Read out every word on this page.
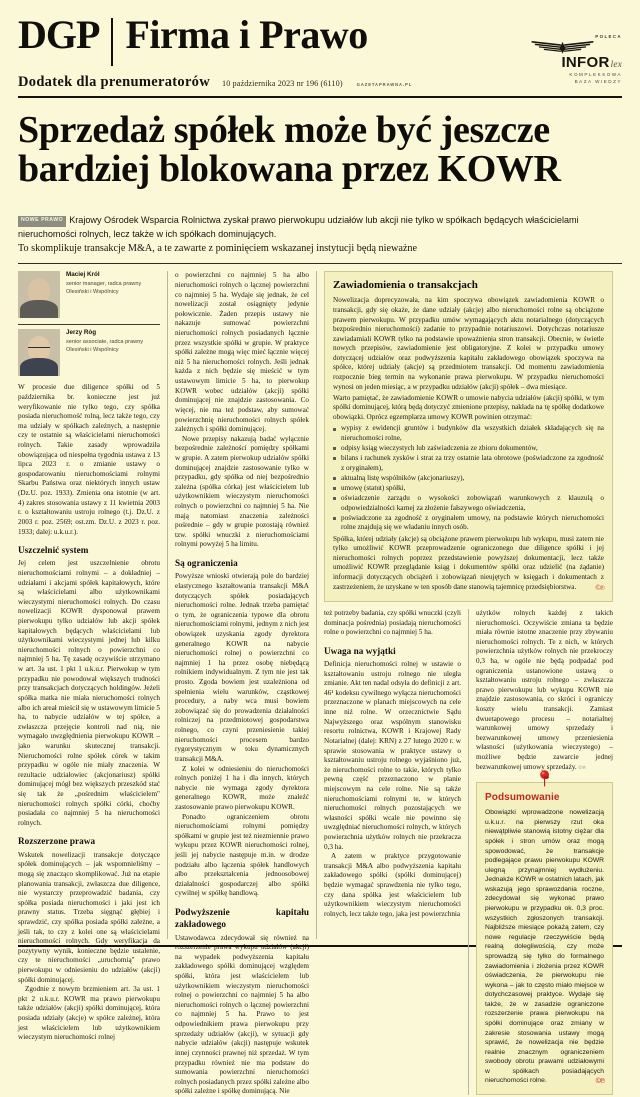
DGP Firma i Prawo	POLECA
INFORlex
KOMPLEKSOWA
BAZA WIEDZY
Dodatek dla prenumeratorów 10 października 2023 nr 196 (6110)	GAZETAPRAWNA.PL
Sprzedaż spółek może być jeszcze bardziej blokowana przez KOWR

NOWE PRAWO Krajowy Ośrodek Wsparcia Rolnictwa zyskał prawo pierwokupu udziałów lub akcji nie tylko w spółkach będących właścicielami nieruchomości rolnych, lecz także w ich spółkach dominujących.

To skomplikuje transakcje M&A, a te zawarte z pominięciem wskazanej instytucji będą nieważne

Maciej Król
senior manager, radca prawny
Olesiński i Wspólnicy
Jerzy Róg
senior associate, radca prawny
Olesiński i Wspólnicy

W procesie due diligence spółki od 5 października br. konieczne jest już weryfikowanie nie tylko tego, czy spółka posiada nieruchomość rolną, lecz także tego, czy ma udziały w spółkach zależnych, a następnie czy te ostatnie są właścicielami nieruchomości rolnych. Takie zasady wprowadziła obowiązująca od niespełna tygodnia ustawa z 13 lipca 2023 r. o zmianie ustawy o gospodarowaniu nieruchomościami rolnymi Skarbu Państwa oraz niektórych innych ustaw (Dz.U. poz. 1933). Zmienia ona istotnie (w art. 4) zakres stosowania ustawy z 11 kwietnia 2003 r. o kształtowaniu ustroju rolnego (t.j. Dz.U. z 2003 r. poz. 2569; ost.zm. Dz.U. z 2023 r. poz. 1933; dalej: u.k.u.r.).

Uszczelnić system

Jej celem jest uszczelnienie obrotu nieruchomościami rolnymi – a dokładniej – udziałami i akcjami spółek kapitałowych, które są właścicielami albo użytkownikami wieczystymi nieruchomości rolnych. Do czasu nowelizacji KOWR dysponował prawem pierwokupu tylko udziałów lub akcji spółek kapitałowych będących właścicielami lub użytkownikami wieczystymi jednej lub kilku nieruchomości rolnych o powierzchni co najmniej 5 ha. Tę zasadę oczywiście utrzymano w art. 3a ust. 1 pkt 1 u.k.u.r. Pierwokup w tym przypadku nie powodował większych trudności przy transakcjach dotyczących holdingów. Jeżeli spółka matka nie miała nieruchomości rolnych albo ich areał mieścił się w ustawowym limicie 5 ha, to nabycie udziałów w tej spółce, a zwłaszcza przejęcie kontroli nad nią, nie wymagało uwzględnienia pierwokupu KOWR – jako warunku skutecznej transakcji. Nieruchomości rolne spółek córek w takim przypadku w ogóle nie miały znaczenia. W rezultacie udziałowiec (akcjonariusz) spółki dominującej mógł bez większych przeszkód stać się tak że „pośrednim właścicielem" nieruchomości rolnych spółki córki, choćby posiadała co najmniej 5 ha nieruchomości rolnych.

Rozszerzone prawa

Wskutek nowelizacji transakcje dotyczące spółek dominujących – jak wspomnieliśmy – mogą się znacząco skomplikować. Już na etapie planowania transakcji, zwłaszcza due diligence, nie wystarczy przeprowadzić badania, czy spółka posiada nieruchomości i jaki jest ich prawny status. Trzeba sięgnąć głębiej i sprawdzić, czy spółka posiada spółki zależne, a jeśli tak, to czy z kolei one są właścicielami nieruchomości rolnych. Gdy weryfikacja da pozytywny wynik, konieczne będzie ustalenie, czy te nieruchomości „uruchomią" prawo pierwokupu w odniesieniu do udziałów (akcji) spółki dominującej.

Zgodnie z nowym brzmieniem art. 3a ust. 1 pkt 2 u.k.u.r. KOWR ma prawo pierwokupu także udziałów (akcji) spółki dominującej, która posiada udziały (akcje) w spółce zależnej, która jest właścicielem lub użytkownikiem wieczystym nieruchomości rolnej

o powierzchni co najmniej 5 ha albo nieruchomości rolnych o łącznej powierzchni co najmniej 5 ha. Wydaje się jednak, że cel nowelizacji został osiągnięty jedynie połowicznie. Żaden przepis ustawy nie nakazuje sumować powierzchni nieruchomości rolnych posiadanych łącznie przez wszystkie spółki w grupie. W praktyce spółki zależne mogą więc mieć łącznie więcej niż 5 ha nieruchomości rolnych. Jeśli jednak każda z nich będzie się mieścić w tym ustawowym limicie 5 ha, to pierwokup KOWR wobec udziałów (akcji) spółki dominującej nie znajdzie zastosowania. Co więcej, nie ma też podstaw, aby sumować powierzchnię nieruchomości rolnych spółek zależnych i spółki dominującej.

Nowe przepisy nakazują badać wyłącznie bezpośrednie zależności pomiędzy spółkami w grupie. A zatem pierwokup udziałów spółki dominującej znajdzie zastosowanie tylko w przypadku, gdy spółka od niej bezpośrednio zależna (spółka córka) jest właścicielem lub użytkownikiem wieczystym nieruchomości rolnych o powierzchni co najmniej 5 ha. Nie mają natomiast znaczenia zależności pośrednie – gdy w grupie pozostają również tzw. spółki wnuczki z nieruchomościami rolnymi powyżej 5 ha limitu.

Są ograniczenia

Powyższe wnioski otwierają pole do bardziej elastycznego kształtowania transakcji M&A dotyczących spółek posiadających nieruchomości rolne. Jednak trzeba pamiętać o tym, że ograniczenia typowe dla obrotu nieruchomościami rolnymi, jednym z nich jest obowiązek uzyskania zgody dyrektora generalnego KOWR na nabycie nieruchomości rolnej o powierzchni co najmniej 1 ha przez osobę niebędącą rolnikiem indywidualnym. Z tym nie jest tak prosto. Zgoda bowiem jest uzależniona od spełnienia wielu warunków, cząstkowej procedury, a naby wca musi bowiem zobowiązać się do prowadzenia działalności rolniczej na przedmiotowej gospodarstwa rolnego, co czyni przeniesienie takiej nieruchomości procesem bardzo rygorystycznym w toku dynamicznych transakcji M&A.

Z kolei w odniesieniu do nieruchomości rolnych poniżej 1 ha i dla innych, których nabycie nie wymaga zgody dyrektora generalnego KOWR, może znaleźć zastosowanie prawo pierwokupu KOWR.

Ponadto ograniczeniem obrotu nieruchomościami rolnymi pomiędzy spółkami w grupie jest też niezmiennie prawo wykupu przez KOWR nieruchomości rolnej, jeśli jej nabycie następuje m.in. w drodze podziału albo łączenia spółek handlowych albo przekształcenia jednoosobowej działalności gospodarczej albo spółki cywilnej w spółkę handlową.

Podwyższenie kapitału zakładowego

Ustawodawca zdecydował się również na rozszerzenie prawa wykupu udziałów (akcji) na wypadek podwyższenia kapitału zakładowego spółki dominującej względem spółki, która jest właścicielem lub użytkownikiem wieczystym nieruchomości rolnej o powierzchni co najmniej 5 ha albo nieruchomości rolnych o łącznej powierzchni co najmniej 5 ha. Prawo to jest odpowiednikiem prawa pierwokupu przy sprzedaży udziałów (akcji), w sytuacji gdy nabycie udziałów (akcji) następuje wskutek innej czynności prawnej niż sprzedaż. W tym przypadku również nie ma podstaw do sumowania powierzchni nieruchomości rolnych posiadanych przez spółki zależne albo spółki zależne i spółkę dominującą. Nie

Zawiadomienia o transakcjach

Nowelizacja doprecyzowała, na kim spoczywa obowiązek zawiadomienia KOWR o transakcji, gdy się okaże, że dane udziały (akcje) albo nieruchomości rolne są obciążone prawem pierwokupu. W przypadku umów wymagających aktu notarialnego (dotyczących bezpośrednio nieruchomości) zadanie to przypadnie notariuszowi. Dotychczas notariusze zawiadamiali KOWR tylko na podstawie upoważnienia stron transakcji. Obecnie, w świetle nowych przepisów, zawiadomienie jest obligatoryjne. Z kolei w przypadku umowy dotyczącej udziałów oraz podwyższenia kapitału zakładowego obowiązek spoczywa na spółce, której udziały (akcje) są przedmiotem transakcji. Od momentu zawiadomienia rozpocznie bieg termin na wykonanie prawa pierwokupu. W przypadku nieruchomości wynosi on jeden miesiąc, a w przypadku udziałów (akcji) spółek – dwa miesiące.

Warto pamiętać, że zawiadomienie KOWR o umowie nabycia udziałów (akcji) spółki, w tym spółki dominującej, którą będą dotyczyć zmienione przepisy, nakłada na tę spółkę dodatkowe obowiązki. Oprócz egzemplarza umowy KOWR powinien otrzymać:

wypisy z ewidencji gruntów i budynków dla wszystkich działek składających się na nieruchomości rolne,
odpisy ksiąg wieczystych lub zaświadczenia ze zbioru dokumentów,
bilans i rachunek zysków i strat za trzy ostatnie lata obrotowe (poświadczone za zgodność z oryginałem),
aktualną listę wspólników (akcjonariuszy),
umowę (statut) spółki,
oświadczenie zarządu o wysokości zobowiązań warunkowych z klauzulą o odpowiedzialności karnej za złożenie fałszywego oświadczenia,
poświadczone za zgodność z oryginałem umowy, na podstawie których nieruchomości rolne znajdują się we władaniu innych osób.

Spółka, której udziały (akcje) są obciążone prawem pierwokupu lub wykupu, musi zatem nie tylko umożliwić KOWR przeprowadzenie ograniczonego due diligence spółki i jej nieruchomości rolnych poprzez przedstawienie powyższej dokumentacji, lecz także umożliwić KOWR przeglądanie ksiąg i dokumentów spółki oraz udzielić (na żądanie) informacji dotyczących obciążeń i zobowiązań nieujętych w księgach i dokumentach z zastrzeżeniem, że uzyskane w ten sposób dane stanowią tajemnicę przedsiębiorstwa.	©℗

też potrzeby badania, czy spółki wnuczki (czyli dominacja pośrednia) posiadają nieruchomości rolne o powierzchni co najmniej 5 ha.

Uwaga na wyjątki

Definicja nieruchomości rolnej w ustawie o kształtowaniu ustroju rolnego nie uległa zmianie. Akt ten nadal odsyła do definicji z art. 46¹ kodeksu cywilnego wyłącza nieruchomości przeznaczone w planach miejscowych na cele inne niż rolne. W orzecznictwie Sądu Najwyższego oraz wspólnym stanowisku resortu rolnictwa, KOWR i Krajowej Rady Notarialnej (dalej: KRN) z 27 lutego 2020 r. w sprawie stosowania w praktyce ustawy o kształtowaniu ustroju rolnego wyjaśniono już, że nieruchomości rolne to takie, których tylko pewną część przeznaczono w planie miejscowym na cele rolne. Nie są także nieruchomościami rolnymi te, w których nieruchomości rolnych pozostających we własności spółki wcale nie powinno się uwzględniać nieruchomości rolnych, w których powierzchnia użytków rolnych nie przekracza 0,3 ha.

A zatem w praktyce przygotowanie transakcji M&A albo podwyższenia kapitału zakładowego spółki (spółki dominującej) będzie wymagać sprawdzenia nie tylko tego, czy dana spółka jest właścicielem lub użytkownikiem wieczystym nieruchomości rolnych, lecz także tego, jaka jest powierzchnia

użytków rolnych każdej z takich nieruchomości. Oczywiście zmiana ta będzie miała równie istotne znaczenie przy zbywaniu nieruchomości rolnych. Te z nich, w których powierzchnia użytków rolnych nie przekroczy 0,3 ha, w ogóle nie będą podpadać pod ograniczenia ustanowione ustawą o kształtowaniu ustroju rolnego – zwłaszcza prawo pierwokupu lub wykupu KOWR nie znajdzie zastosowania, co skróci i ograniczy koszty wielu transakcji. Zamiast dwuetapowego procesu – notarialnej warunkowej umowy sprzedaży i bezwarunkowej umowy przeniesienia własności (użytkowania wieczystego) – możliwe będzie zawarcie jednej bezwarunkowej umowy sprzedaży. ©℗

Podsumowanie

Obowiązki wprowadzone nowelizacją u.k.u.r. na pierwszy rzut oka niewątpliwie stanowią istotny ciężar dla spółek i stron umów oraz mogą spowodować, że transakcje podlegające prawu pierwokupu KOWR ulegną przynajmniej wydłużeniu. Jednakże KOWR w ostatnich latach, jak wskazują jego sprawozdania roczne, zdecydował się wykonać prawo pierwokupu w przypadku ok. 0,3 proc. wszystkich zgłoszonych transakcji. Najbliższe miesiące pokażą zatem, czy nowe regulacje rzeczywiście będą realną dolegliwością, czy może sprowadzą się tylko do formalnego zawiadomienia i złożenia przez KOWR oświadczenia, że pierwokupu nie wykona – jak to często miało miejsce w dotychczasowej praktyce. Wydaje się także, że w zasadzie ograniczone rozszerzenie prawa pierwokupu na spółki dominujące oraz zmiany w zakresie stosowania ustawy mogą sprawić, że nowelizacja nie będzie realnie znacznym ograniczeniem swobody obrotu prawami udziałowymi w spółkach posiadających nieruchomości rolne.	©℗
